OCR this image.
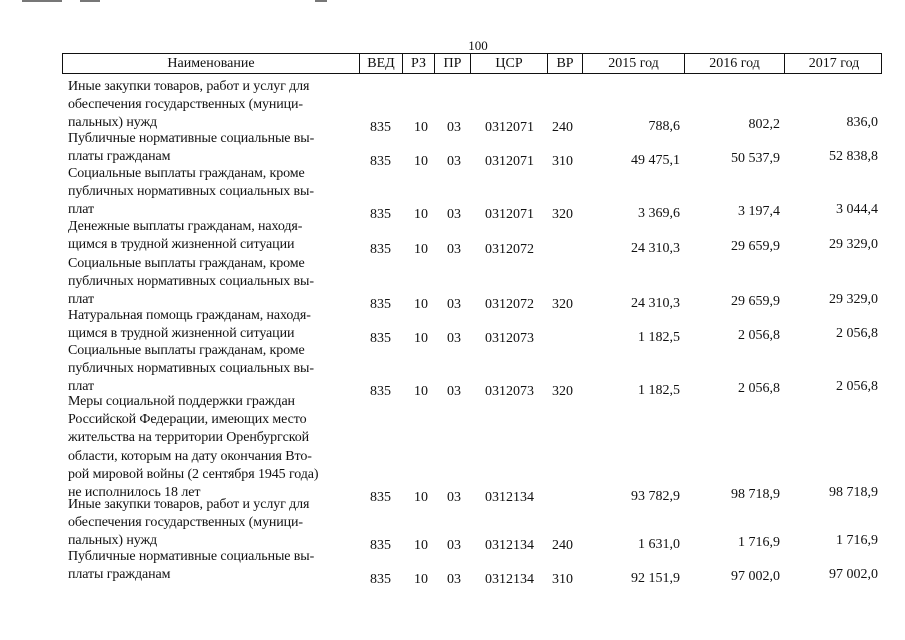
100
Наименование	ВЕД	РЗ	ПР	ЦСР	ВР	2015 год	2016 год	2017 год
Иные закупки товаров, работ и услуг для
обеспечения государственных (муници-
пальных) нужд	835 10 03 0312071 240	788,6	802,2	836,0
Публичные нормативные социальные вы-
платы гражданам	835 10 03 0312071 310	49 475,1	50 537,9	52 838,8
Социальные выплаты гражданам, кроме
публичных нормативных социальных вы-
плат	835 10 03 0312071 320	3 369,6	3 197,4	3 044,4
Денежные выплаты гражданам, находя-
щимся в трудной жизненной ситуации	835 10 03 0312072	24 310,3	29 659,9	29 329,0
Социальные выплаты гражданам, кроме
публичных нормативных социальных вы-
плат	835 10 03 0312072 320	24 310,3	29 659,9	29 329,0
Натуральная помощь гражданам, находя-
щимся в трудной жизненной ситуации	835 10 03 0312073	1 182,5	2 056,8	2 056,8
Социальные выплаты гражданам, кроме
публичных нормативных социальных вы-
плат	835 10 03 0312073 320	1 182,5	2 056,8	2 056,8
Меры социальной поддержки граждан
Российской Федерации, имеющих место
жительства на территории Оренбургской
области, которым на дату окончания Вто-
рой мировой войны (2 сентября 1945 года)
не исполнилось 18 лет	835 10 03 0312134	93 782,9	98 718,9	98 718,9
Иные закупки товаров, работ и услуг для
обеспечения государственных (муници-
пальных) нужд	835 10 03 0312134 240	1 631,0	1 716,9	1 716,9
Публичные нормативные социальные вы-
платы гражданам	835 10 03 0312134 310	92 151,9	97 002,0	97 002,0
